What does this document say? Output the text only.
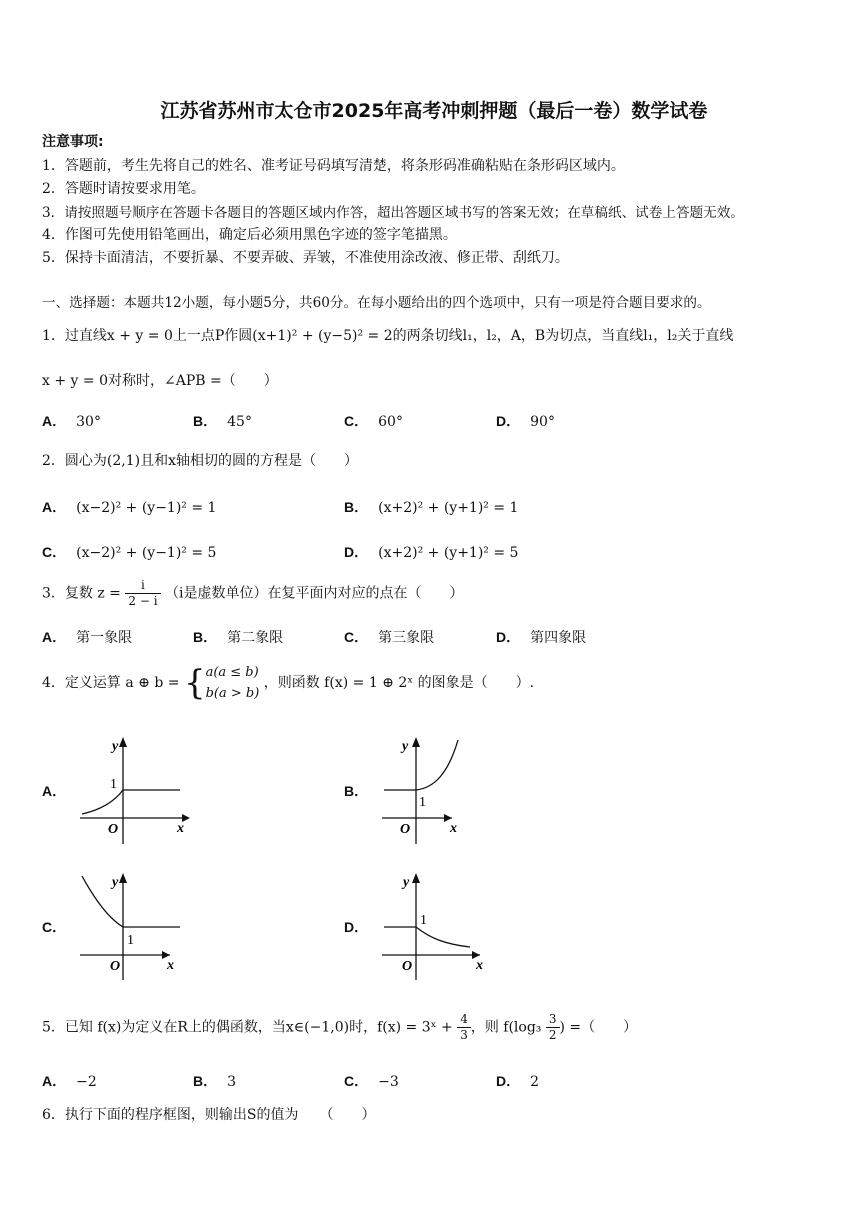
江苏省苏州市太仓市2025年高考冲刺押题（最后一卷）数学试卷
注意事项:
1．答题前，考生先将自己的姓名、准考证号码填写清楚，将条形码准确粘贴在条形码区域内。
2．答题时请按要求用笔。
3．请按照题号顺序在答题卡各题目的答题区域内作答，超出答题区域书写的答案无效；在草稿纸、试卷上答题无效。
4．作图可先使用铅笔画出，确定后必须用黑色字迹的签字笔描黑。
5．保持卡面清洁，不要折暴、不要弄破、弄皱，不准使用涂改液、修正带、刮纸刀。
一、选择题：本题共12小题，每小题5分，共60分。在每小题给出的四个选项中，只有一项是符合题目要求的。
1．过直线x + y = 0上一点P作圆(x+1)² + (y−5)² = 2的两条切线l₁，l₂，A，B为切点，当直线l₁，l₂关于直线
x + y = 0对称时，∠APB =（　　）
A． 30°	B． 45°	C． 60°	D． 90°
2．圆心为(2,1)且和x轴相切的圆的方程是（　　）
A． (x−2)² + (y−1)² = 1	B． (x+2)² + (y+1)² = 1
C． (x−2)² + (y−1)² = 5	D． (x+2)² + (y+1)² = 5
3．复数 $z = \frac{i}{2 - i} (i$是虚数单位）在复平面内对应的点在（　　）
A． 第一象限	B． 第二象限	C． 第三象限	D． 第四象限
4．定义运算 a ⊕ b = { a(a ≤ b)
b(a > b)
，则函数 f(x) = 1 ⊕ 2ˣ 的图象是（　　）.
A．	B．
C．	D．
y
x
O
1
y
x
O
1
y
x
O
1
y
x
O
1
5．已知 f(x)为定义在R上的偶函数，当x∈(−1,0)时，f(x) = 3ˣ + $\frac{4}{3}$ ，则 $f(\log_3 \frac{3}{2}$ ) =（　　）
A． −2	B． 3	C． −3	D． 2
6．执行下面的程序框图，则输出S的值为　　（　　）
